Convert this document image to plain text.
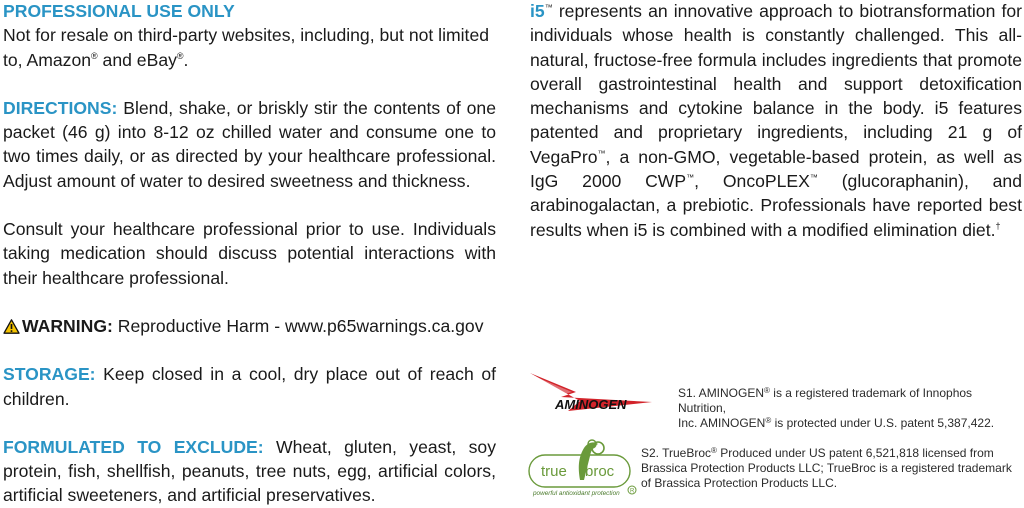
PROFESSIONAL USE ONLY
Not for resale on third-party websites, including, but not limited
to, Amazon® and eBay®.
DIRECTIONS: Blend, shake, or briskly stir the contents of one packet (46 g) into 8-12 oz chilled water and consume one to two times daily, or as directed by your healthcare professional. Adjust amount of water to desired sweetness and thickness.
Consult your healthcare professional prior to use. Individuals taking medication should discuss potential interactions with their healthcare professional.
WARNING:
Reproductive Harm - www.p65warnings.ca.gov
STORAGE: Keep closed in a cool, dry place out of reach of children.
FORMULATED TO EXCLUDE: Wheat, gluten, yeast, soy protein, fish, shellfish, peanuts, tree nuts, egg, artificial colors, artificial sweeteners, and artificial preservatives.
i5™ represents an innovative approach to biotransformation for individuals whose health is constantly challenged. This all-natural, fructose-free formula includes ingredients that promote overall gastrointestinal health and support detoxification mechanisms and cytokine balance in the body. i5 features patented and proprietary ingredients, including 21 g of VegaPro™, a non-GMO, vegetable-based protein, as well as IgG 2000 CWP™, OncoPLEX™ (glucoraphanin), and arabinogalactan, a prebiotic. Professionals have reported best results when i5 is combined with a modified elimination diet.†
AMINOGEN
S1. AMINOGEN® is a registered trademark of Innophos Nutrition,
Inc. AMINOGEN® is protected under U.S. patent 5,387,422.
true broc
powerful antioxidant protection R
S2. TrueBroc® Produced under US patent 6,521,818 licensed from
Brassica Protection Products LLC; TrueBroc is a registered trademark
of Brassica Protection Products LLC.
